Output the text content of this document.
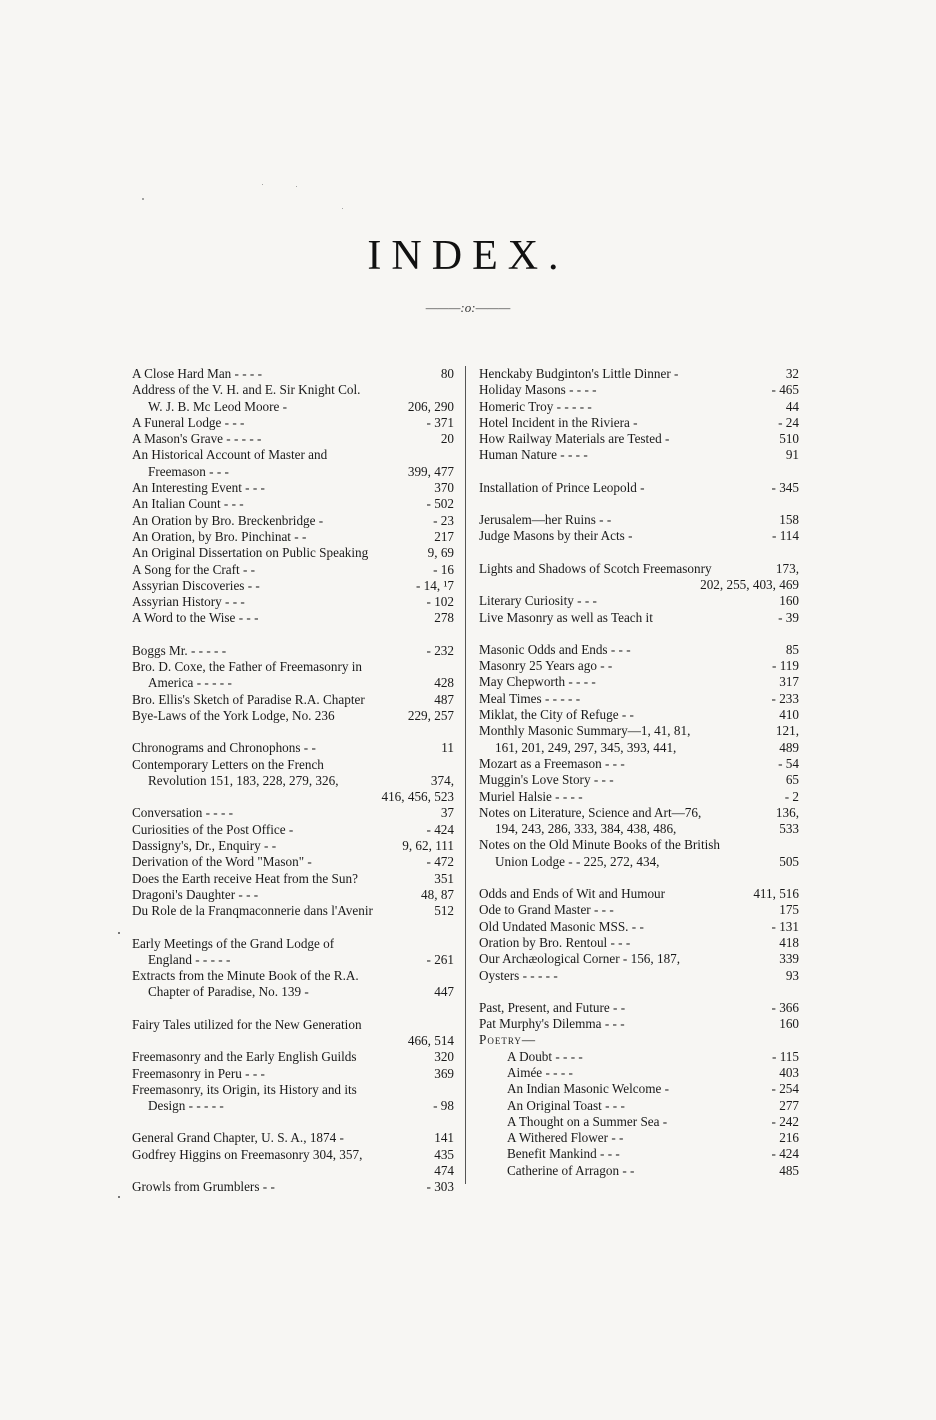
INDEX.
———:o:———
A Close Hard Man - - - -	80
Address of the V. H. and E. Sir Knight Col.
W. J. B. Mc Leod Moore -	206, 290
A Funeral Lodge - - -	- 371
A Mason's Grave - - - - -	20
An Historical Account of Master and
Freemason - - -	399, 477
An Interesting Event - - -	370
An Italian Count - - -	- 502
An Oration by Bro. Breckenbridge -	- 23
An Oration, by Bro. Pinchinat - -	217
An Original Dissertation on Public Speaking	9, 69
A Song for the Craft - -	- 16
Assyrian Discoveries - -	- 14, ¹7
Assyrian History - - -	- 102
A Word to the Wise - - -	278
Boggs Mr. - - - - -	- 232
Bro. D. Coxe, the Father of Freemasonry in
America - - - - -	428
Bro. Ellis's Sketch of Paradise R.A. Chapter	487
Bye-Laws of the York Lodge, No. 236	229, 257
Chronograms and Chronophons - -	11
Contemporary Letters on the French
Revolution 151, 183, 228, 279, 326,	374,
416, 456, 523
Conversation - - - -	37
Curiosities of the Post Office -	- 424
Dassigny's, Dr., Enquiry - -	9, 62, 111
Derivation of the Word "Mason" -	- 472
Does the Earth receive Heat from the Sun?	351
Dragoni's Daughter - - -	48, 87
Du Role de la Franqmaconnerie dans l'Avenir	512
Early Meetings of the Grand Lodge of
England - - - - -	- 261
Extracts from the Minute Book of the R.A.
Chapter of Paradise, No. 139 -	447
Fairy Tales utilized for the New Generation
466, 514
Freemasonry and the Early English Guilds	320
Freemasonry in Peru - - -	369
Freemasonry, its Origin, its History and its
Design - - - - -	- 98
General Grand Chapter, U. S. A., 1874 -	141
Godfrey Higgins on Freemasonry 304, 357,	435
474
Growls from Grumblers - -	- 303
Henckaby Budginton's Little Dinner -	32
Holiday Masons - - - -	- 465
Homeric Troy - - - - -	44
Hotel Incident in the Riviera -	- 24
How Railway Materials are Tested -	510
Human Nature - - - -	91
Installation of Prince Leopold -	- 345
Jerusalem—her Ruins - -	158
Judge Masons by their Acts -	- 114
Lights and Shadows of Scotch Freemasonry	173,
202, 255, 403, 469
Literary Curiosity - - -	160
Live Masonry as well as Teach it	- 39
Masonic Odds and Ends - - -	85
Masonry 25 Years ago - -	- 119
May Chepworth - - - -	317
Meal Times - - - - -	- 233
Miklat, the City of Refuge - -	410
Monthly Masonic Summary—1, 41, 81,	121,
161, 201, 249, 297, 345, 393, 441,	489
Mozart as a Freemason - - -	- 54
Muggin's Love Story - - -	65
Muriel Halsie - - - -	- 2
Notes on Literature, Science and Art—76,	136,
194, 243, 286, 333, 384, 438, 486,	533
Notes on the Old Minute Books of the British
Union Lodge - - 225, 272, 434,	505
Odds and Ends of Wit and Humour	411, 516
Ode to Grand Master - - -	175
Old Undated Masonic MSS. - -	- 131
Oration by Bro. Rentoul - - -	418
Our Archæological Corner - 156, 187,	339
Oysters - - - - -	93
Past, Present, and Future - -	- 366
Pat Murphy's Dilemma - - -	160
Poetry—
A Doubt - - - -	- 115
Aimée - - - -	403
An Indian Masonic Welcome -	- 254
An Original Toast - - -	277
A Thought on a Summer Sea -	- 242
A Withered Flower - -	216
Benefit Mankind - - -	- 424
Catherine of Arragon - -	485
